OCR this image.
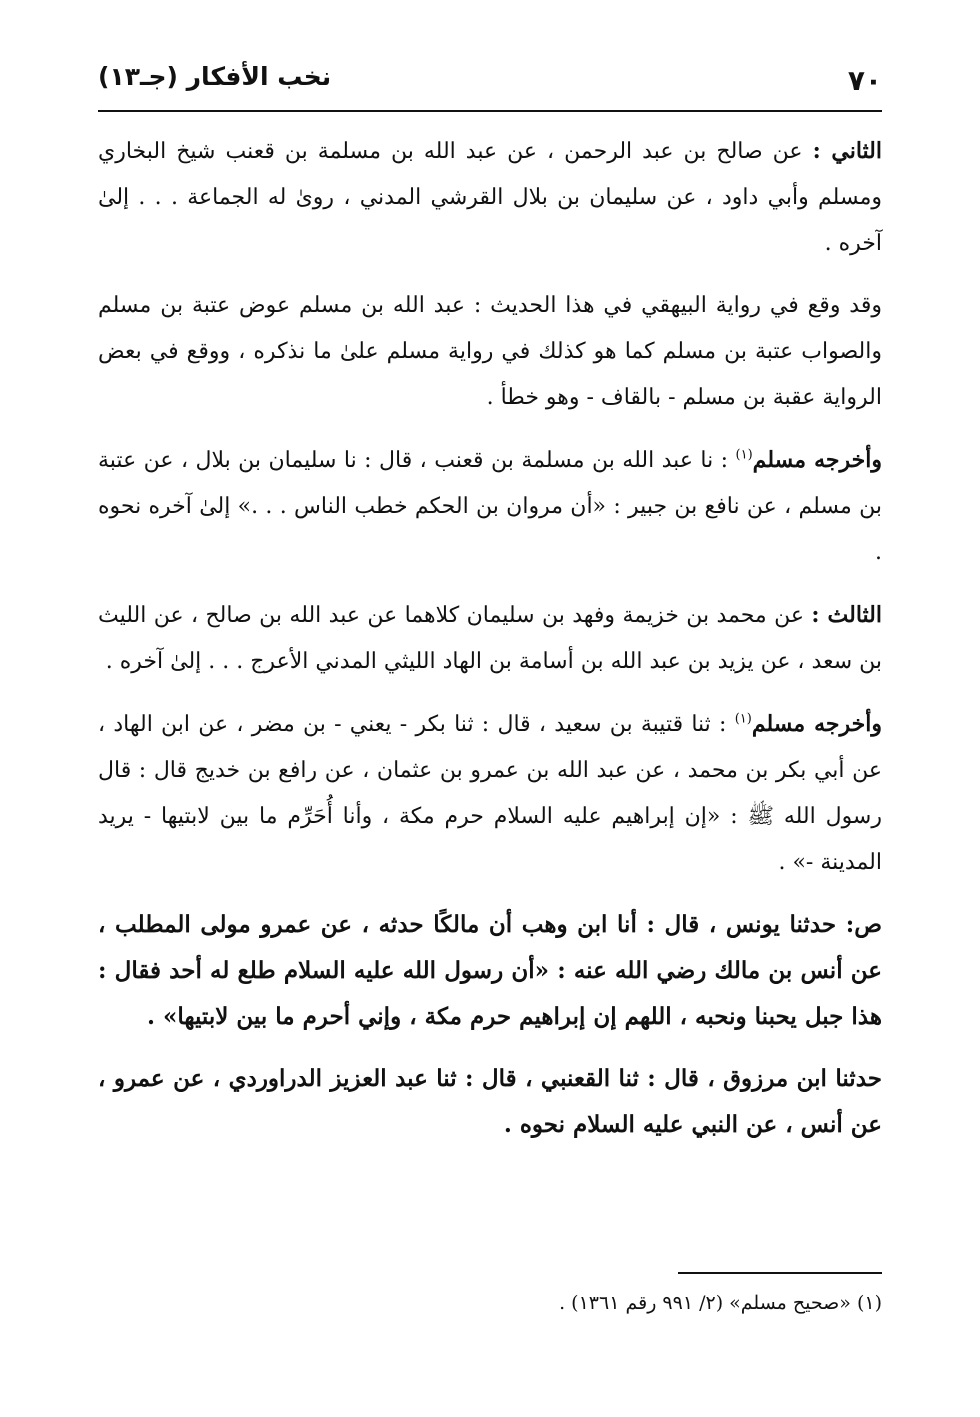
٧٠
نخب الأفكار (جـ١٣)

الثاني : عن صالح بن عبد الرحمن ، عن عبد الله بن مسلمة بن قعنب شيخ البخاري ومسلم وأبي داود ، عن سليمان بن بلال القرشي المدني ، روىٰ له الجماعة . . . إلىٰ آخره .

وقد وقع في رواية البيهقي في هذا الحديث : عبد الله بن مسلم عوض عتبة بن مسلم والصواب عتبة بن مسلم كما هو كذلك في رواية مسلم علىٰ ما نذكره ، ووقع في بعض الرواية عقبة بن مسلم - بالقاف - وهو خطأ .

وأخرجه مسلم$^{(١)}$ : نا عبد الله بن مسلمة بن قعنب ، قال : نا سليمان بن بلال ، عن عتبة بن مسلم ، عن نافع بن جبير : «أن مروان بن الحكم خطب الناس . . .» إلىٰ آخره نحوه .

الثالث : عن محمد بن خزيمة وفهد بن سليمان كلاهما عن عبد الله بن صالح ، عن الليث بن سعد ، عن يزيد بن عبد الله بن أسامة بن الهاد الليثي المدني الأعرج . . . إلىٰ آخره .

وأخرجه مسلم$^{(١)}$ : ثنا قتيبة بن سعيد ، قال : ثنا بكر - يعني - بن مضر ، عن ابن الهاد ، عن أبي بكر بن محمد ، عن عبد الله بن عمرو بن عثمان ، عن رافع بن خديج قال : قال رسول الله ﷺ : «إن إبراهيم عليه السلام حرم مكة ، وأنا أُحَرِّم ما بين لابتيها - يريد المدينة -» .

ص: حدثنا يونس ، قال : أنا ابن وهب أن مالكًا حدثه ، عن عمرو مولى المطلب ، عن أنس بن مالك رضي الله عنه : «أن رسول الله عليه السلام طلع له أحد فقال : هذا جبل يحبنا ونحبه ، اللهم إن إبراهيم حرم مكة ، وإني أحرم ما بين لابتيها» .

حدثنا ابن مرزوق ، قال : ثنا القعنبي ، قال : ثنا عبد العزيز الدراوردي ، عن عمرو ، عن أنس ، عن النبي عليه السلام نحوه .

(١) «صحيح مسلم» (٢/ ٩٩١ رقم ١٣٦١) .
